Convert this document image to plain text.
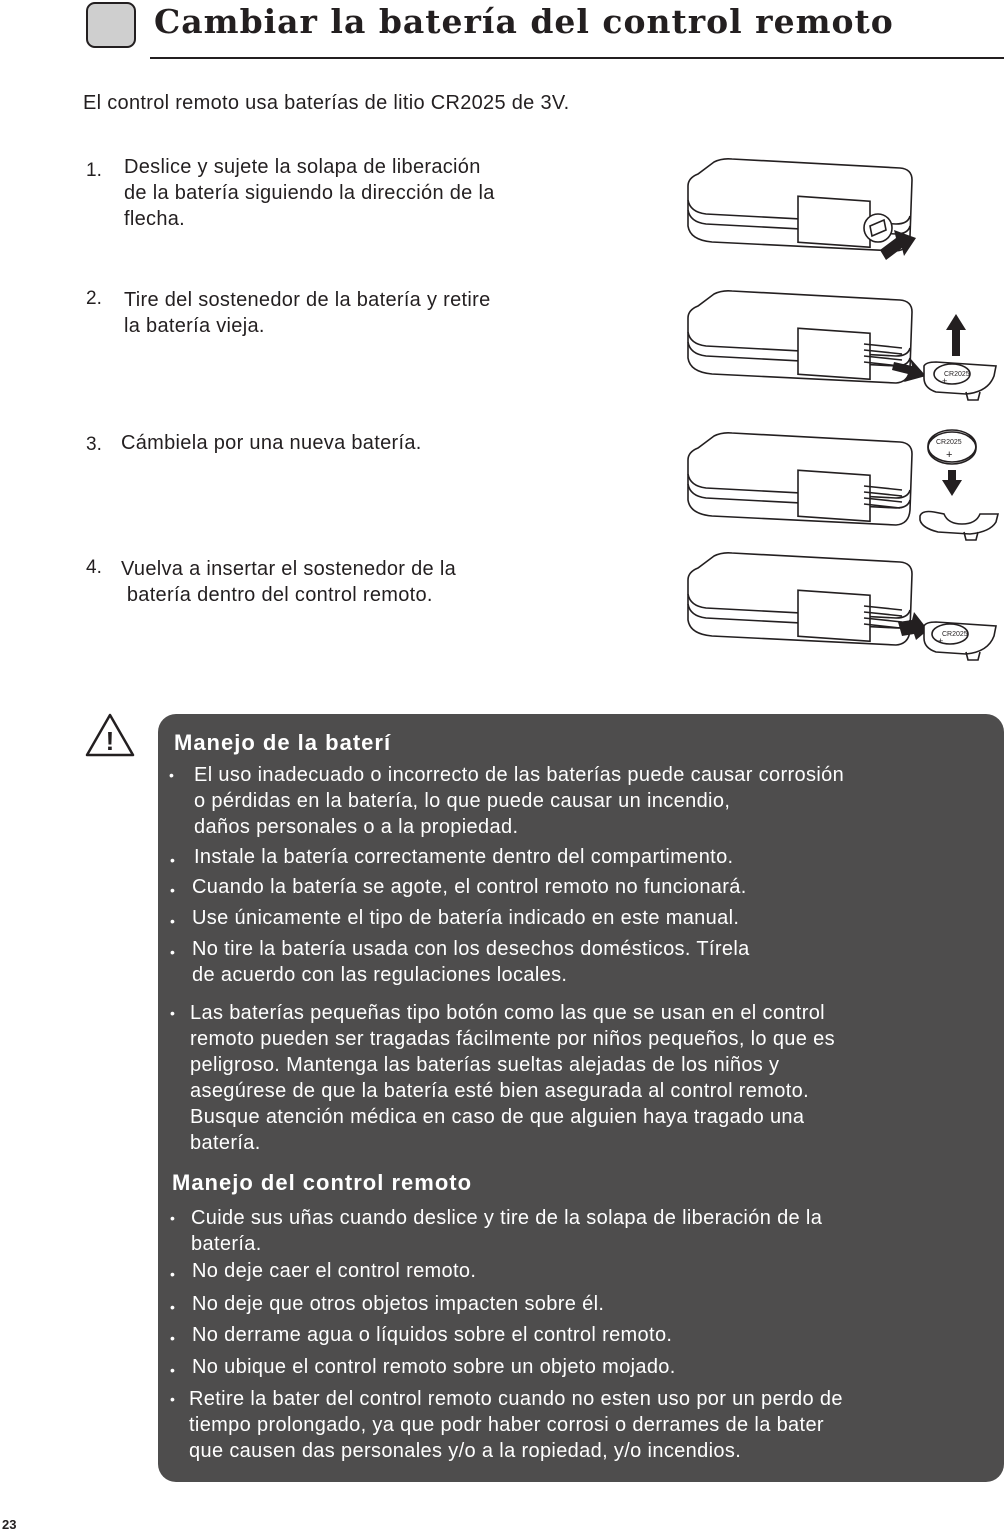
Cambiar la batería del control remoto

El control remoto usa baterías de litio CR2025 de 3V.

1. Deslice y sujete la solapa de liberación
de la batería siguiendo la dirección de la
flecha.

2. Tire del sostenedor de la batería y retire
la batería vieja.

3. Cámbiela por una nueva batería.

4. Vuelva a insertar el sostenedor de la
batería dentro del control remoto.

CR2025
+
CR2025
+
CR2025
+
!	Manejo de la baterí
• El uso inadecuado o incorrecto de las baterías puede causar corrosión
o pérdidas en la batería, lo que puede causar un incendio,
daños personales o a la propiedad.
• Instale la batería correctamente dentro del compartimento.
• Cuando la batería se agote, el control remoto no funcionará.
• Use únicamente el tipo de batería indicado en este manual.
• No tire la batería usada con los desechos domésticos. Tírela
de acuerdo con las regulaciones locales.
• Las baterías pequeñas tipo botón como las que se usan en el control
remoto pueden ser tragadas fácilmente por niños pequeños, lo que es
peligroso. Mantenga las baterías sueltas alejadas de los niños y
asegúrese de que la batería esté bien asegurada al control remoto.
Busque atención médica en caso de que alguien haya tragado una
batería.
Manejo del control remoto
• Cuide sus uñas cuando deslice y tire de la solapa de liberación de la
batería.
• No deje caer el control remoto.
• No deje que otros objetos impacten sobre él.
• No derrame agua o líquidos sobre el control remoto.
• No ubique el control remoto sobre un objeto mojado.
• Retire la bater del control remoto cuando no esten uso por un perdo de
tiempo prolongado, ya que podr haber corrosi o derrames de la bater
que causen das personales y/o a la ropiedad, y/o incendios.
23
